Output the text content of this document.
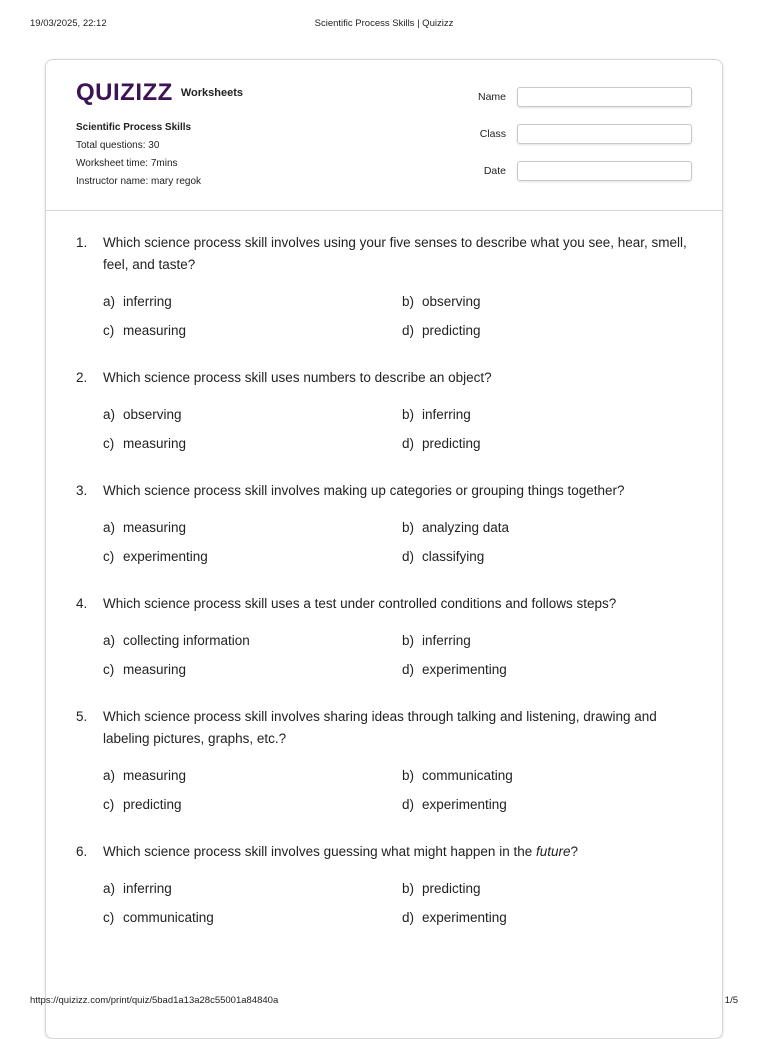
19/03/2025, 22:12	Scientific Process Skills | Quizizz
QUIZIZZ Worksheets
Scientific Process Skills
Total questions: 30
Worksheet time: 7mins
Instructor name: mary regok
Name
Class
Date
1. Which science process skill involves using your five senses to describe what you see, hear, smell, feel, and taste?
a) inferring	b) observing
c) measuring	d) predicting
2. Which science process skill uses numbers to describe an object?
a) observing	b) inferring
c) measuring	d) predicting
3. Which science process skill involves making up categories or grouping things together?
a) measuring	b) analyzing data
c) experimenting	d) classifying
4. Which science process skill uses a test under controlled conditions and follows steps?
a) collecting information	b) inferring
c) measuring	d) experimenting
5. Which science process skill involves sharing ideas through talking and listening, drawing and labeling pictures, graphs, etc.?
a) measuring	b) communicating
c) predicting	d) experimenting
6. Which science process skill involves guessing what might happen in the future?
a) inferring	b) predicting
c) communicating	d) experimenting
https://quizizz.com/print/quiz/5bad1a13a28c55001a84840a	1/5
